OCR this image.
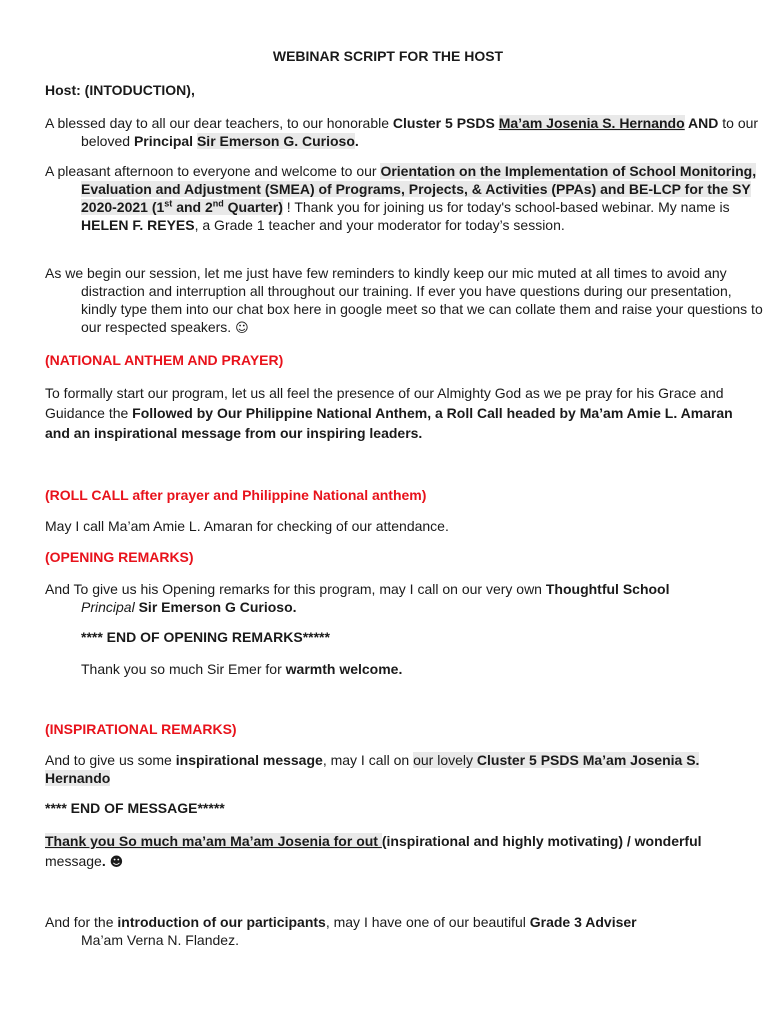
WEBINAR SCRIPT FOR THE HOST

Host: (INTODUCTION),

A blessed day to all our dear teachers, to our honorable Cluster 5 PSDS Ma’am Josenia S. Hernando AND to our beloved Principal Sir Emerson G. Curioso.

A pleasant afternoon to everyone and welcome to our Orientation on the Implementation of School Monitoring, Evaluation and Adjustment (SMEA) of Programs, Projects, & Activities (PPAs) and BE-LCP for the SY 2020-2021 (1st and 2nd Quarter) ! Thank you for joining us for today's school-based webinar. My name is HELEN F. REYES, a Grade 1 teacher and your moderator for today’s session.

As we begin our session, let me just have few reminders to kindly keep our mic muted at all times to avoid any distraction and interruption all throughout our training. If ever you have questions during our presentation, kindly type them into our chat box here in google meet so that we can collate them and raise your questions to our respected speakers. ☺

(NATIONAL ANTHEM AND PRAYER)

To formally start our program, let us all feel the presence of our Almighty God as we pe pray for his Grace and Guidance the Followed by Our Philippine National Anthem, a Roll Call headed by Ma’am Amie L. Amaran and an inspirational message from our inspiring leaders.

(ROLL CALL after prayer and Philippine National anthem)

May I call Ma’am Amie L. Amaran for checking of our attendance.

(OPENING REMARKS)

And To give us his Opening remarks for this program, may I call on our very own Thoughtful School
Principal Sir Emerson G Curioso.

**** END OF OPENING REMARKS*****

Thank you so much Sir Emer for warmth welcome.

(INSPIRATIONAL REMARKS)

And to give us some inspirational message, may I call on our lovely Cluster 5 PSDS Ma’am Josenia S. Hernando

**** END OF MESSAGE*****

Thank you So much ma’am Ma’am Josenia for out (inspirational and highly motivating) / wonderful message. ☻

And for the introduction of our participants, may I have one of our beautiful Grade 3 Adviser
Ma’am Verna N. Flandez.
